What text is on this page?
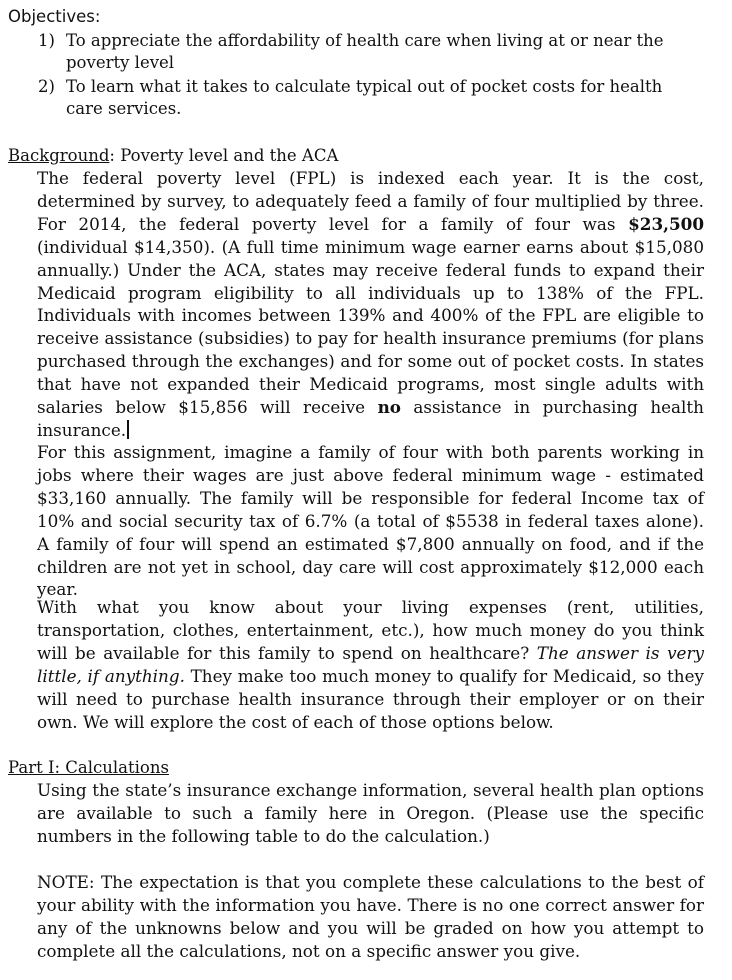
Objectives:
1) To appreciate the affordability of health care when living at or near the poverty level
2) To learn what it takes to calculate typical out of pocket costs for health care services.
Background: Poverty level and the ACA

The federal poverty level (FPL) is indexed each year. It is the cost, determined by survey, to adequately feed a family of four multiplied by three. For 2014, the federal poverty level for a family of four was $23,500 (individual $14,350). (A full time minimum wage earner earns about $15,080 annually.) Under the ACA, states may receive federal funds to expand their Medicaid program eligibility to all individuals up to 138% of the FPL. Individuals with incomes between 139% and 400% of the FPL are eligible to receive assistance (subsidies) to pay for health insurance premiums (for plans purchased through the exchanges) and for some out of pocket costs. In states that have not expanded their Medicaid programs, most single adults with salaries below $15,856 will receive no assistance in purchasing health insurance.

For this assignment, imagine a family of four with both parents working in jobs where their wages are just above federal minimum wage - estimated $33,160 annually. The family will be responsible for federal Income tax of 10% and social security tax of 6.7% (a total of $5538 in federal taxes alone). A family of four will spend an estimated $7,800 annually on food, and if the children are not yet in school, day care will cost approximately $12,000 each year.

With what you know about your living expenses (rent, utilities, transportation, clothes, entertainment, etc.), how much money do you think will be available for this family to spend on healthcare? The answer is very little, if anything. They make too much money to qualify for Medicaid, so they will need to purchase health insurance through their employer or on their own. We will explore the cost of each of those options below.

Part I: Calculations

Using the state’s insurance exchange information, several health plan options are available to such a family here in Oregon. (Please use the specific numbers in the following table to do the calculation.)

NOTE: The expectation is that you complete these calculations to the best of your ability with the information you have. There is no one correct answer for any of the unknowns below and you will be graded on how you attempt to complete all the calculations, not on a specific answer you give.
